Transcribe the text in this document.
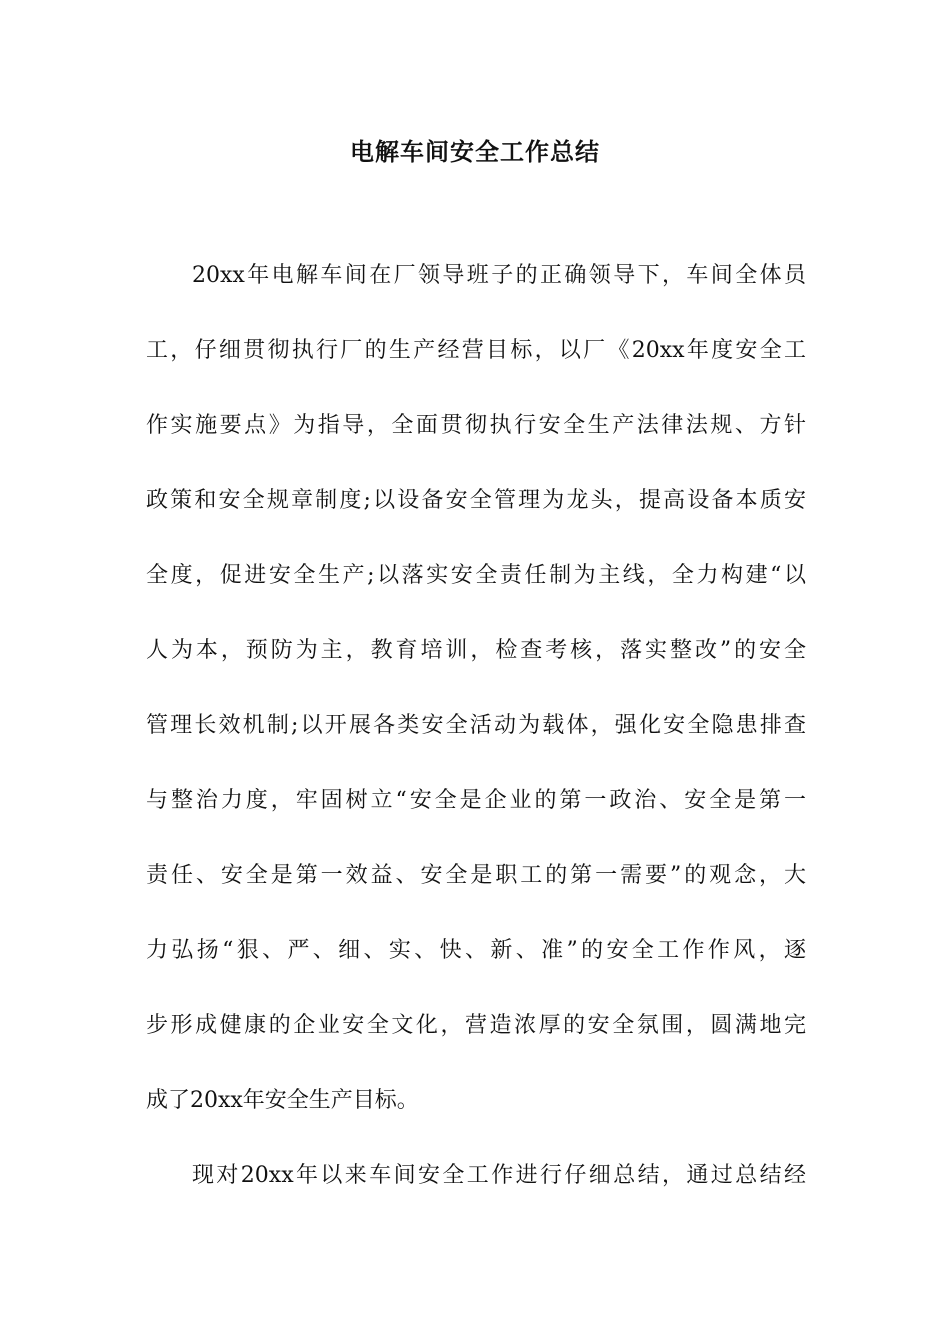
电解车间安全工作总结
20xx年电解车间在厂领导班子的正确领导下，车间全体员
工，仔细贯彻执行厂的生产经营目标，以厂《20xx年度安全工
作实施要点》为指导，全面贯彻执行安全生产法律法规、方针
政策和安全规章制度;以设备安全管理为龙头，提高设备本质安
全度，促进安全生产;以落实安全责任制为主线，全力构建“以
人为本，预防为主，教育培训，检查考核，落实整改”的安全
管理长效机制;以开展各类安全活动为载体，强化安全隐患排查
与整治力度，牢固树立“安全是企业的第一政治、安全是第一
责任、安全是第一效益、安全是职工的第一需要”的观念，大
力弘扬“狠、严、细、实、快、新、准”的安全工作作风，逐
步形成健康的企业安全文化，营造浓厚的安全氛围，圆满地完
成了20xx年安全生产目标。
现对20xx年以来车间安全工作进行仔细总结，通过总结经
